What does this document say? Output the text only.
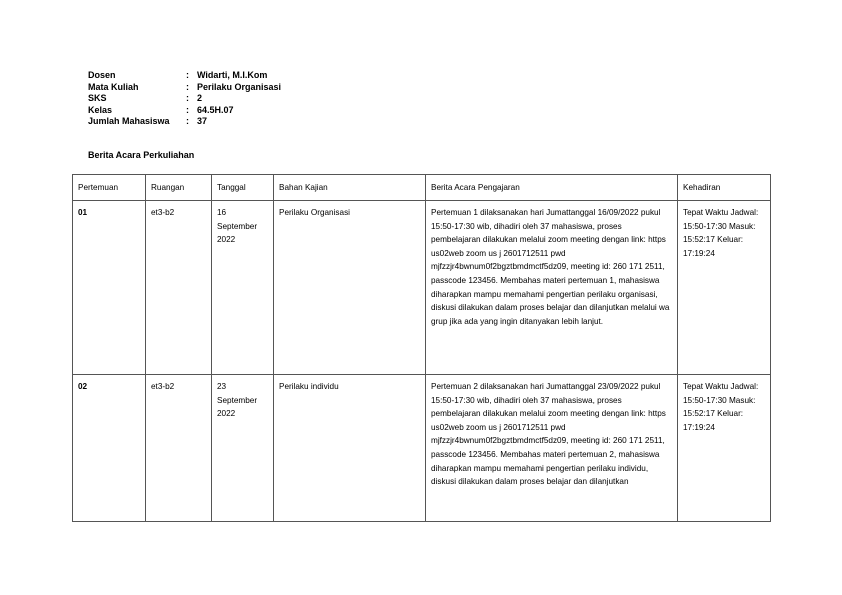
Dosen	: Widarti, M.I.Kom
Mata Kuliah	: Perilaku Organisasi
SKS	: 2
Kelas	: 64.5H.07
Jumlah Mahasiswa	: 37
Berita Acara Perkuliahan
Pertemuan	Ruangan	Tanggal	Bahan Kajian	Berita Acara Pengajaran	Kehadiran
01	et3-b2	16 September 2022	Perilaku Organisasi	Pertemuan 1 dilaksanakan hari Jumattanggal 16/09/2022 pukul 15:50-17:30 wib, dihadiri oleh 37 mahasiswa, proses pembelajaran dilakukan melalui zoom meeting dengan link: https us02web zoom us j 2601712511 pwd mjfzzjr4bwnum0f2bgztbmdmctf5dz09, meeting id: 260 171 2511, passcode 123456. Membahas materi pertemuan 1, mahasiswa diharapkan mampu memahami pengertian perilaku organisasi, diskusi dilakukan dalam proses belajar dan dilanjutkan melalui wa grup jika ada yang ingin ditanyakan lebih lanjut.	Tepat Waktu Jadwal: 15:50-17:30 Masuk: 15:52:17 Keluar: 17:19:24
02	et3-b2	23 September 2022	Perilaku individu	Pertemuan 2 dilaksanakan hari Jumattanggal 23/09/2022 pukul 15:50-17:30 wib, dihadiri oleh 37 mahasiswa, proses pembelajaran dilakukan melalui zoom meeting dengan link: https us02web zoom us j 2601712511 pwd mjfzzjr4bwnum0f2bgztbmdmctf5dz09, meeting id: 260 171 2511, passcode 123456. Membahas materi pertemuan 2, mahasiswa diharapkan mampu memahami pengertian perilaku individu, diskusi dilakukan dalam proses belajar dan dilanjutkan	Tepat Waktu Jadwal: 15:50-17:30 Masuk: 15:52:17 Keluar: 17:19:24
